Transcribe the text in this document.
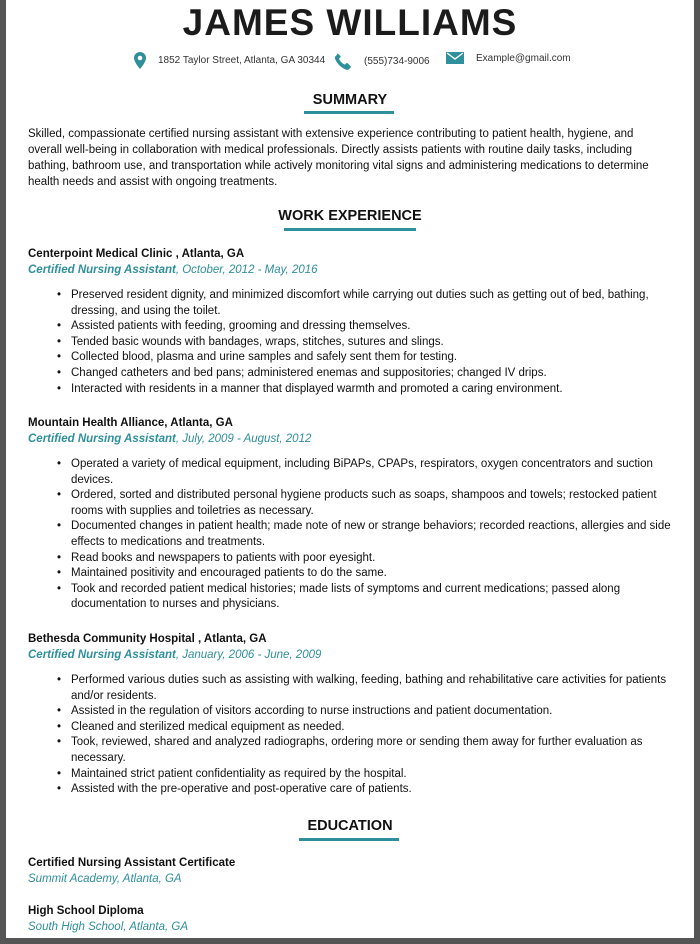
JAMES WILLIAMS
1852 Taylor Street, Atlanta, GA 30344	(555)734-9006	Example@gmail.com
SUMMARY
Skilled, compassionate certified nursing assistant with extensive experience contributing to patient health, hygiene, and overall well-being in collaboration with medical professionals. Directly assists patients with routine daily tasks, including bathing, bathroom use, and transportation while actively monitoring vital signs and administering medications to determine health needs and assist with ongoing treatments.
WORK EXPERIENCE
Centerpoint Medical Clinic , Atlanta, GA
Certified Nursing Assistant, October, 2012 - May, 2016
• Preserved resident dignity, and minimized discomfort while carrying out duties such as getting out of bed, bathing, dressing, and using the toilet.
• Assisted patients with feeding, grooming and dressing themselves.
• Tended basic wounds with bandages, wraps, stitches, sutures and slings.
• Collected blood, plasma and urine samples and safely sent them for testing.
• Changed catheters and bed pans; administered enemas and suppositories; changed IV drips.
• Interacted with residents in a manner that displayed warmth and promoted a caring environment.
Mountain Health Alliance, Atlanta, GA
Certified Nursing Assistant, July, 2009 - August, 2012
• Operated a variety of medical equipment, including BiPAPs, CPAPs, respirators, oxygen concentrators and suction devices.
• Ordered, sorted and distributed personal hygiene products such as soaps, shampoos and towels; restocked patient rooms with supplies and toiletries as necessary.
• Documented changes in patient health; made note of new or strange behaviors; recorded reactions, allergies and side effects to medications and treatments.
• Read books and newspapers to patients with poor eyesight.
• Maintained positivity and encouraged patients to do the same.
• Took and recorded patient medical histories; made lists of symptoms and current medications; passed along documentation to nurses and physicians.
Bethesda Community Hospital , Atlanta, GA
Certified Nursing Assistant, January, 2006 - June, 2009
• Performed various duties such as assisting with walking, feeding, bathing and rehabilitative care activities for patients and/or residents.
• Assisted in the regulation of visitors according to nurse instructions and patient documentation.
• Cleaned and sterilized medical equipment as needed.
• Took, reviewed, shared and analyzed radiographs, ordering more or sending them away for further evaluation as necessary.
• Maintained strict patient confidentiality as required by the hospital.
• Assisted with the pre-operative and post-operative care of patients.
EDUCATION
Certified Nursing Assistant Certificate
Summit Academy, Atlanta, GA
High School Diploma
South High School, Atlanta, GA
